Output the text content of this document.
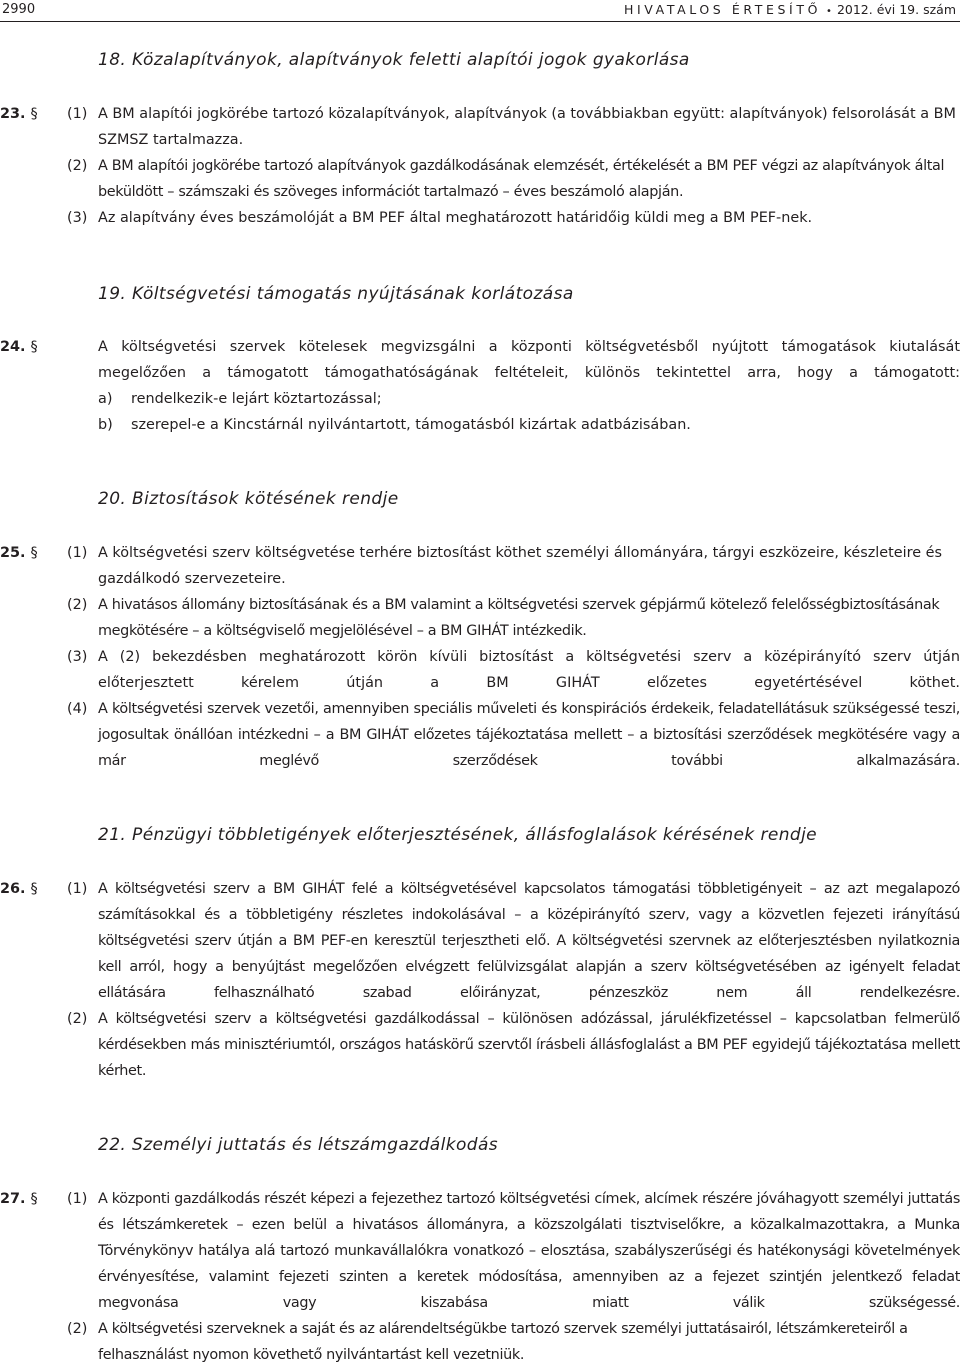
2990	HIVATALOS ÉRTESÍTŐ • 2012. évi 19. szám
18. Közalapítványok, alapítványok feletti alapítói jogok gyakorlása
23. § (1) A BM alapítói jogkörébe tartozó közalapítványok, alapítványok (a továbbiakban együtt: alapítványok) felsorolását a BM SZMSZ tartalmazza.
(2) A BM alapítói jogkörébe tartozó alapítványok gazdálkodásának elemzését, értékelését a BM PEF végzi az alapítványok által beküldött – számszaki és szöveges információt tartalmazó – éves beszámoló alapján.
(3) Az alapítvány éves beszámolóját a BM PEF által meghatározott határidőig küldi meg a BM PEF-nek.
19. Költségvetési támogatás nyújtásának korlátozása
24. §	A költségvetési szervek kötelesek megvizsgálni a központi költségvetésből nyújtott támogatások kiutalását megelőzően a támogatott támogathatóságának feltételeit, különös tekintettel arra, hogy a támogatott:
a) rendelkezik-e lejárt köztartozással;
b) szerepel-e a Kincstárnál nyilvántartott, támogatásból kizártak adatbázisában.
20. Biztosítások kötésének rendje
25. § (1) A költségvetési szerv költségvetése terhére biztosítást köthet személyi állományára, tárgyi eszközeire, készleteire és gazdálkodó szervezeteire.
(2) A hivatásos állomány biztosításának és a BM valamint a költségvetési szervek gépjármű kötelező felelősségbiztosításának megkötésére – a költségviselő megjelölésével – a BM GIHÁT intézkedik.
(3) A (2) bekezdésben meghatározott körön kívüli biztosítást a költségvetési szerv a középirányító szerv útján előterjesztett kérelem útján a BM GIHÁT előzetes egyetértésével köthet.
(4) A költségvetési szervek vezetői, amennyiben speciális műveleti és konspirációs érdekeik, feladatellátásuk szükségessé teszi, jogosultak önállóan intézkedni – a BM GIHÁT előzetes tájékoztatása mellett – a biztosítási szerződések megkötésére vagy a már meglévő szerződések további alkalmazására.
21. Pénzügyi többletigények előterjesztésének, állásfoglalások kérésének rendje
26. § (1) A költségvetési szerv a BM GIHÁT felé a költségvetésével kapcsolatos támogatási többletigényeit – az azt megalapozó számításokkal és a többletigény részletes indokolásával – a középirányító szerv, vagy a közvetlen fejezeti irányítású költségvetési szerv útján a BM PEF-en keresztül terjesztheti elő. A költségvetési szervnek az előterjesztésben nyilatkoznia kell arról, hogy a benyújtást megelőzően elvégzett felülvizsgálat alapján a szerv költségvetésében az igényelt feladat ellátására felhasználható szabad előirányzat, pénzeszköz nem áll rendelkezésre.
(2) A költségvetési szerv a költségvetési gazdálkodással – különösen adózással, járulékfizetéssel – kapcsolatban felmerülő kérdésekben más minisztériumtól, országos hatáskörű szervtől írásbeli állásfoglalást a BM PEF egyidejű tájékoztatása mellett kérhet.
22. Személyi juttatás és létszámgazdálkodás
27. § (1) A központi gazdálkodás részét képezi a fejezethez tartozó költségvetési címek, alcímek részére jóváhagyott személyi juttatás és létszámkeretek – ezen belül a hivatásos állományra, a közszolgálati tisztviselőkre, a közalkalmazottakra, a Munka Törvénykönyv hatálya alá tartozó munkavállalókra vonatkozó – elosztása, szabályszerűségi és hatékonysági követelmények érvényesítése, valamint fejezeti szinten a keretek módosítása, amennyiben az a fejezet szintjén jelentkező feladat megvonása vagy kiszabása miatt válik szükségessé.
(2) A költségvetési szerveknek a saját és az alárendeltségükbe tartozó szervek személyi juttatásairól, létszámkereteiről a felhasználást nyomon követhető nyilvántartást kell vezetniük.
